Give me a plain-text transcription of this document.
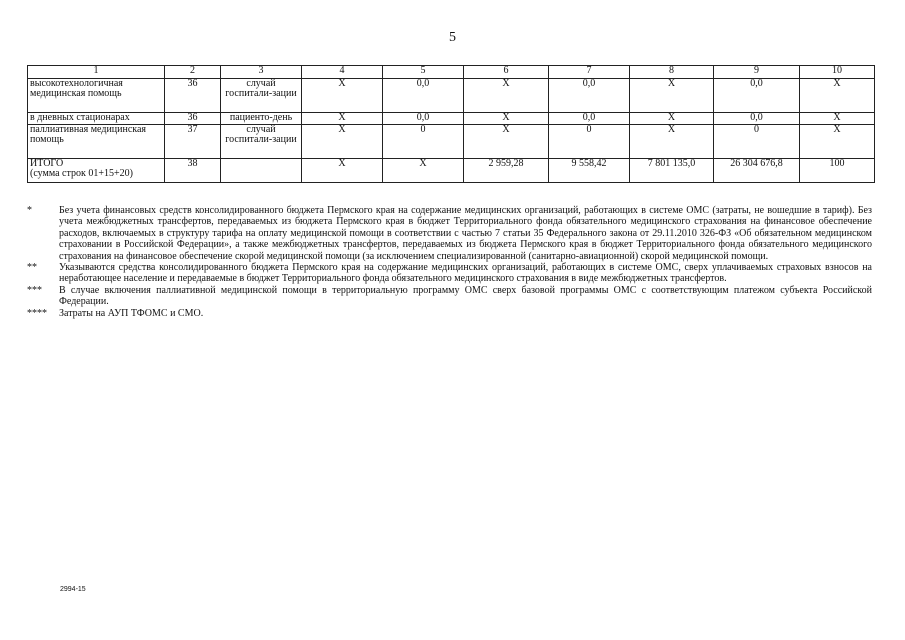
5
1	2	3	4	5	6	7	8	9	10
высокотехнологичная медицинская помощь	36	случай госпитали-зации	X	0,0	X	0,0	X	0,0	X
в дневных стационарах	36	пациенто-день	X	0,0	X	0,0	X	0,0	X
паллиативная медицинская помощь	37	случай госпитали-зации	X	0	X	0	X	0	X

ИТОГО
(сумма строк 01+15+20)	38		X	X	2 959,28	9 558,42	7 801 135,0	26 304 676,8	100
*	Без учета финансовых средств консолидированного бюджета Пермского края на содержание медицинских организаций, работающих в системе ОМС (затраты, не вошедшие в тариф). Без учета межбюджетных трансфертов, передаваемых из бюджета Пермского края в бюджет Территориального фонда обязательного медицинского страхования на финансовое обеспечение расходов, включаемых в структуру тарифа на оплату медицинской помощи в соответствии с частью 7 статьи 35 Федерального закона от 29.11.2010 326-ФЗ «Об обязательном медицинском страховании в Российской Федерации», а также межбюджетных трансфертов, передаваемых из бюджета Пермского края в бюджет Территориального фонда обязательного медицинского страхования на финансовое обеспечение скорой медицинской помощи (за исключением специализированной (санитарно-авиационной) скорой медицинской помощи.
**	Указываются средства консолидированного бюджета Пермского края на содержание медицинских организаций, работающих в системе ОМС, сверх уплачиваемых страховых взносов на неработающее население и передаваемые в бюджет Территориального фонда обязательного медицинского страхования в виде межбюджетных трансфертов.
***	В случае включения паллиативной медицинской помощи в территориальную программу ОМС сверх базовой программы ОМС с соответствующим платежом субъекта Российской Федерации.
****	Затраты на АУП ТФОМС и СМО.
2994-15
